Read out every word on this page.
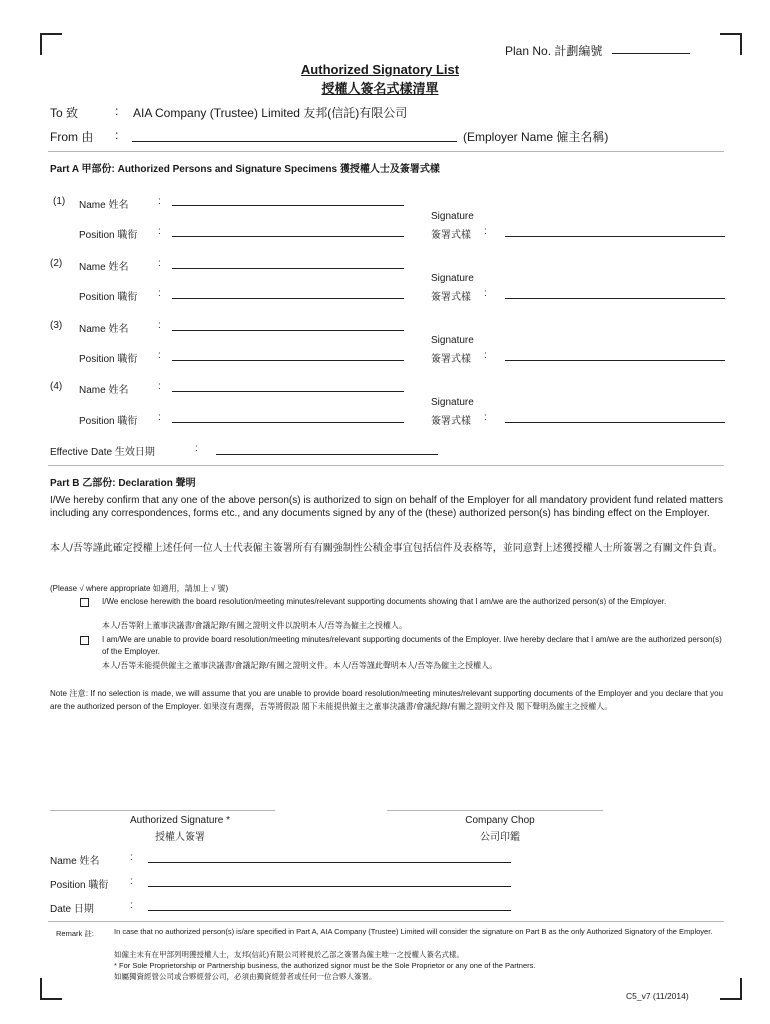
Plan No. 計劃編號
Authorized Signatory List
授權人簽名式樣清單
To 致	: AIA Company (Trustee) Limited 友邦(信託)有限公司
From 由 :	(Employer Name 僱主名稱)
Part A 甲部份: Authorized Persons and Signature Specimens 獲授權人士及簽署式樣
(1) Name 姓名	:
Signature
Position 職衔 :	簽署式樣 :
(2) Name 姓名	:
Signature
Position 職衔 :	簽署式樣 :
(3) Name 姓名	:
Signature
Position 職衔 :	簽署式樣 :
(4) Name 姓名	:
Signature
Position 職衔 :	簽署式樣 :
Effective Date 生效日期	:
Part B 乙部份: Declaration 聲明
I/We hereby confirm that any one of the above person(s) is authorized to sign on behalf of the Employer for all mandatory provident fund related matters including any correspondences, forms etc., and any documents signed by any of the (these) authorized person(s) has binding effect on the Employer.
本人/吾等謹此確定授權上述任何一位人士代表僱主簽署所有有關強制性公積金事宜包括信件及表格等，並同意對上述獲授權人士所簽署之有關文件負責。
(Please √ where appropriate 如適用，請加上 √ 號)
I/We enclose herewith the board resolution/meeting minutes/relevant supporting documents showing that I am/we are the authorized person(s) of the Employer.
本人/吾等附上董事決議書/會議記錄/有關之證明文件以說明本人/吾等為僱主之授權人。
I am/We are unable to provide board resolution/meeting minutes/relevant supporting documents of the Employer. I/we hereby declare that I am/we are the authorized person(s) of the Employer.
本人/吾等未能提供僱主之董事決議書/會議記錄/有關之證明文件。本人/吾等謹此聲明本人/吾等為僱主之授權人。
Note 注意: If no selection is made, we will assume that you are unable to provide board resolution/meeting minutes/relevant supporting documents of the Employer and you declare that you are the authorized person of the Employer. 如果沒有選擇，吾等將假設 閣下未能提供僱主之董事決議書/會議紀錄/有關之證明文件及 閣下聲明為僱主之授權人。
Authorized Signature *
授權人簽署
Company Chop
公司印鑑
Name 姓名	:
Position 職衔 :
Date 日期	:
Remark 註:	In case that no authorized person(s) is/are specified in Part A, AIA Company (Trustee) Limited will consider the signature on Part B as the only Authorized Signatory of the Employer.
如僱主未有在甲部列明獲授權人士，友邦(信託)有限公司將視於乙部之簽署為僱主唯一之授權人簽名式樣。
* For Sole Proprietorship or Partnership business, the authorized signor must be the Sole Proprietor or any one of the Partners.
如屬獨資經營公司或合夥經營公司，必須由獨資經營者或任何一位合夥人簽署。
C5_v7 (11/2014)
